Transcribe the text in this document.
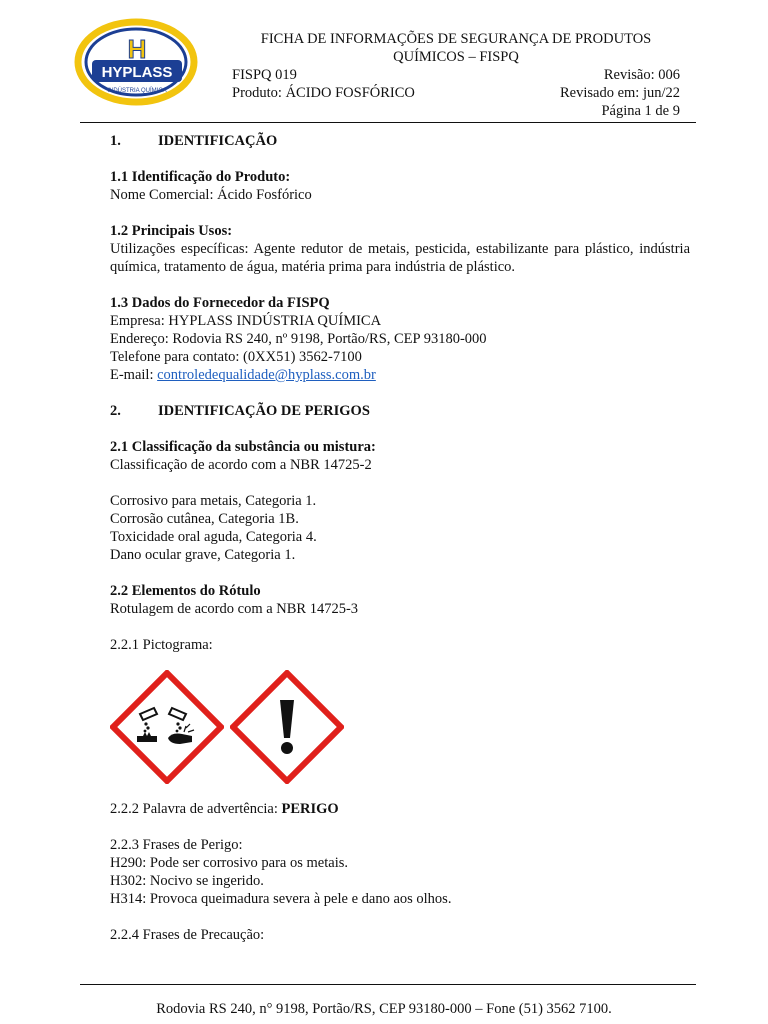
H
HYPLASS
INDÚSTRIA QUÍMICA
FICHA DE INFORMAÇÕES DE SEGURANÇA DE PRODUTOS
QUÍMICOS – FISPQ
FISPQ 019	Revisão: 006
Produto: ÁCIDO FOSFÓRICO	Revisado em: jun/22
Página 1 de 9
1.	IDENTIFICAÇÃO

1.1 Identificação do Produto:

Nome Comercial: Ácido Fosfórico

1.2 Principais Usos:

Utilizações específicas: Agente redutor de metais, pesticida, estabilizante para plástico, indústria química, tratamento de água, matéria prima para indústria de plástico.

1.3 Dados do Fornecedor da FISPQ

Empresa: HYPLASS INDÚSTRIA QUÍMICA

Endereço: Rodovia RS 240, nº 9198, Portão/RS, CEP 93180-000

Telefone para contato: (0XX51) 3562-7100

E-mail: controledequalidade@hyplass.com.br

2.	IDENTIFICAÇÃO DE PERIGOS

2.1 Classificação da substância ou mistura:

Classificação de acordo com a NBR 14725-2

Corrosivo para metais, Categoria 1.

Corrosão cutânea, Categoria 1B.

Toxicidade oral aguda, Categoria 4.

Dano ocular grave, Categoria 1.

2.2 Elementos do Rótulo

Rotulagem de acordo com a NBR 14725-3

2.2.1 Pictograma:

2.2.2 Palavra de advertência: PERIGO

2.2.3 Frases de Perigo:

H290: Pode ser corrosivo para os metais.

H302: Nocivo se ingerido.

H314: Provoca queimadura severa à pele e dano aos olhos.

2.2.4 Frases de Precaução:

Rodovia RS 240, n° 9198, Portão/RS, CEP 93180-000 – Fone (51) 3562 7100.
